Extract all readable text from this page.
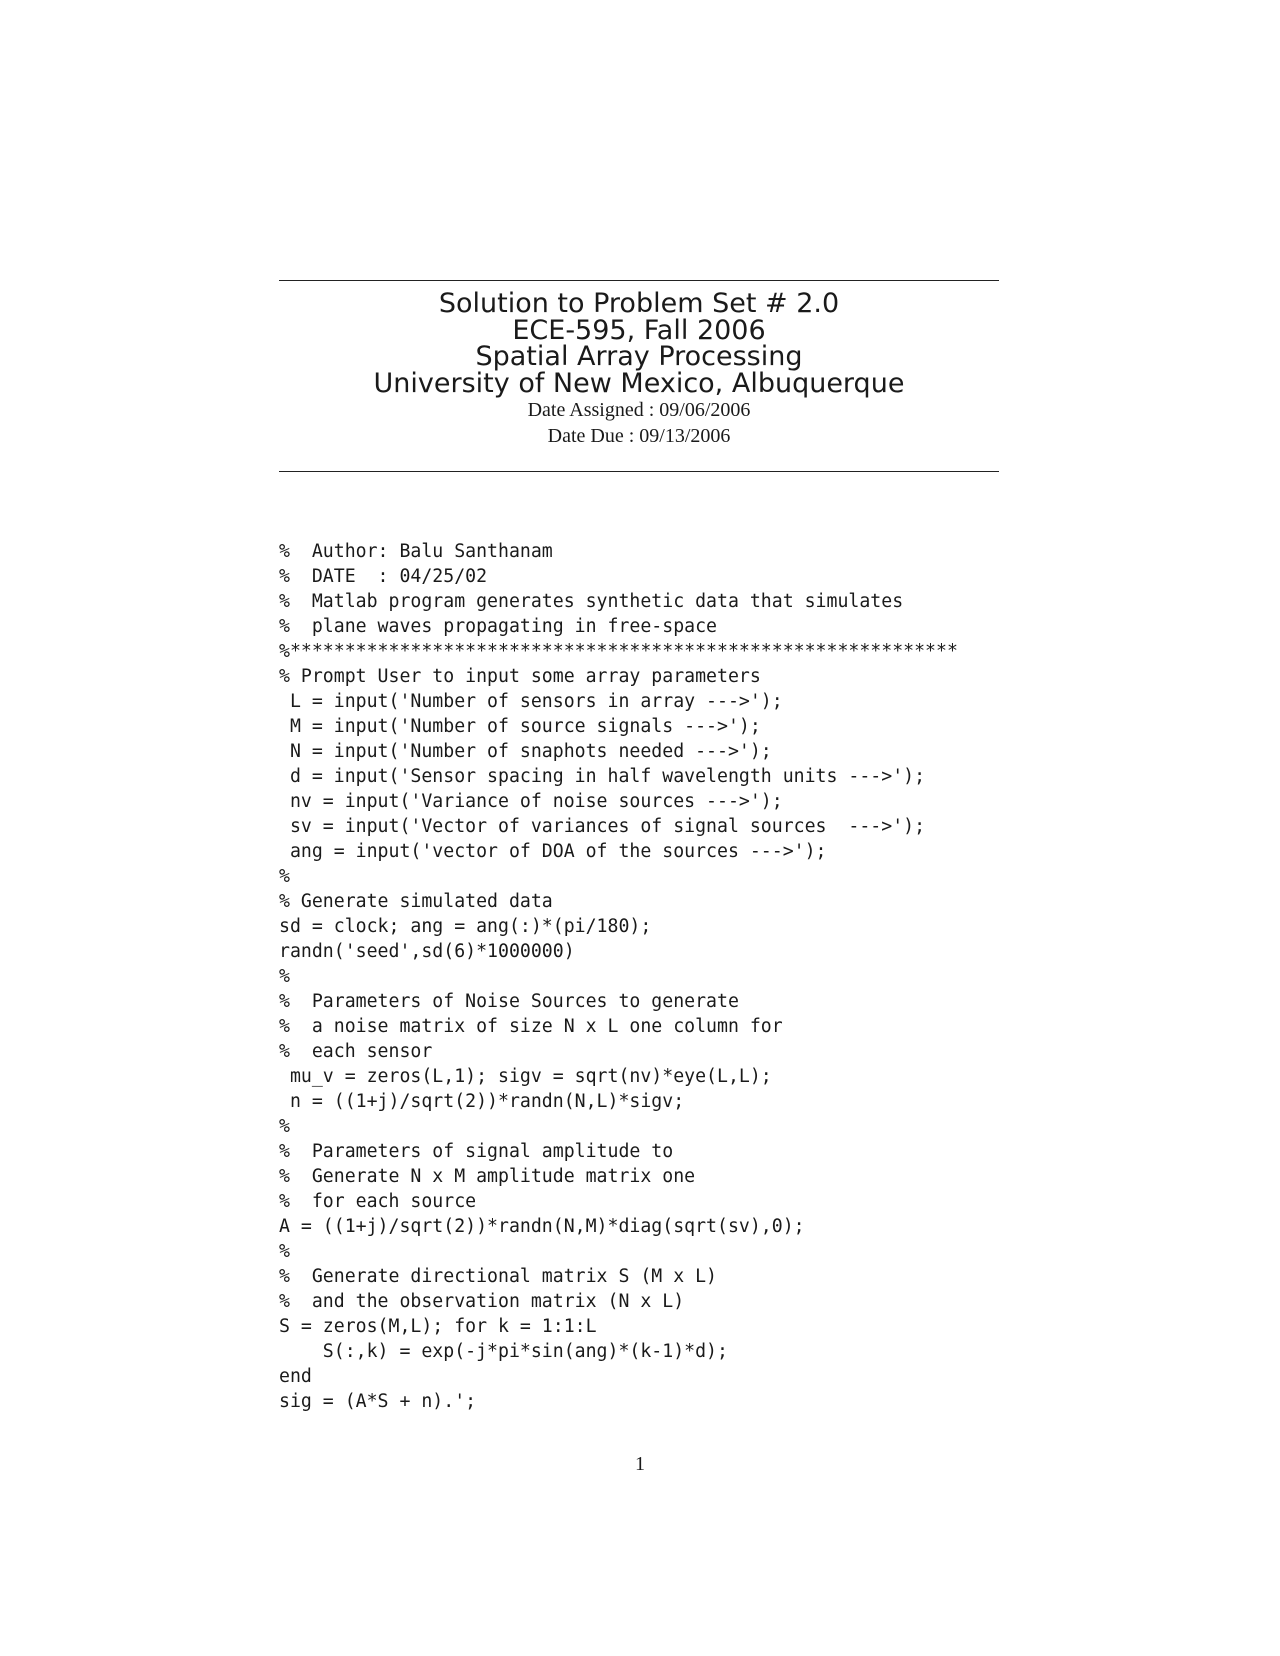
Solution to Problem Set # 2.0
ECE-595, Fall 2006
Spatial Array Processing
University of New Mexico, Albuquerque
Date Assigned : 09/06/2006
Date Due : 09/13/2006
%  Author: Balu Santhanam
%  DATE  : 04/25/02
%  Matlab program generates synthetic data that simulates
%  plane waves propagating in free-space
%*************************************************************
% Prompt User to input some array parameters
L = input('Number of sensors in array --->');
M = input('Number of source signals --->');
N = input('Number of snaphots needed --->');
d = input('Sensor spacing in half wavelength units --->');
nv = input('Variance of noise sources --->');
sv = input('Vector of variances of signal sources  --->');
ang = input('vector of DOA of the sources --->');
%
% Generate simulated data
sd = clock; ang = ang(:)*(pi/180);
randn('seed',sd(6)*1000000)
%
%  Parameters of Noise Sources to generate
%  a noise matrix of size N x L one column for
%  each sensor
mu_v = zeros(L,1); sigv = sqrt(nv)*eye(L,L);
n = ((1+j)/sqrt(2))*randn(N,L)*sigv;
%
%  Parameters of signal amplitude to
%  Generate N x M amplitude matrix one
%  for each source
A = ((1+j)/sqrt(2))*randn(N,M)*diag(sqrt(sv),0);
%
%  Generate directional matrix S (M x L)
%  and the observation matrix (N x L)
S = zeros(M,L); for k = 1:1:L
S(:,k) = exp(-j*pi*sin(ang)*(k-1)*d);
end
sig = (A*S + n).';
1
